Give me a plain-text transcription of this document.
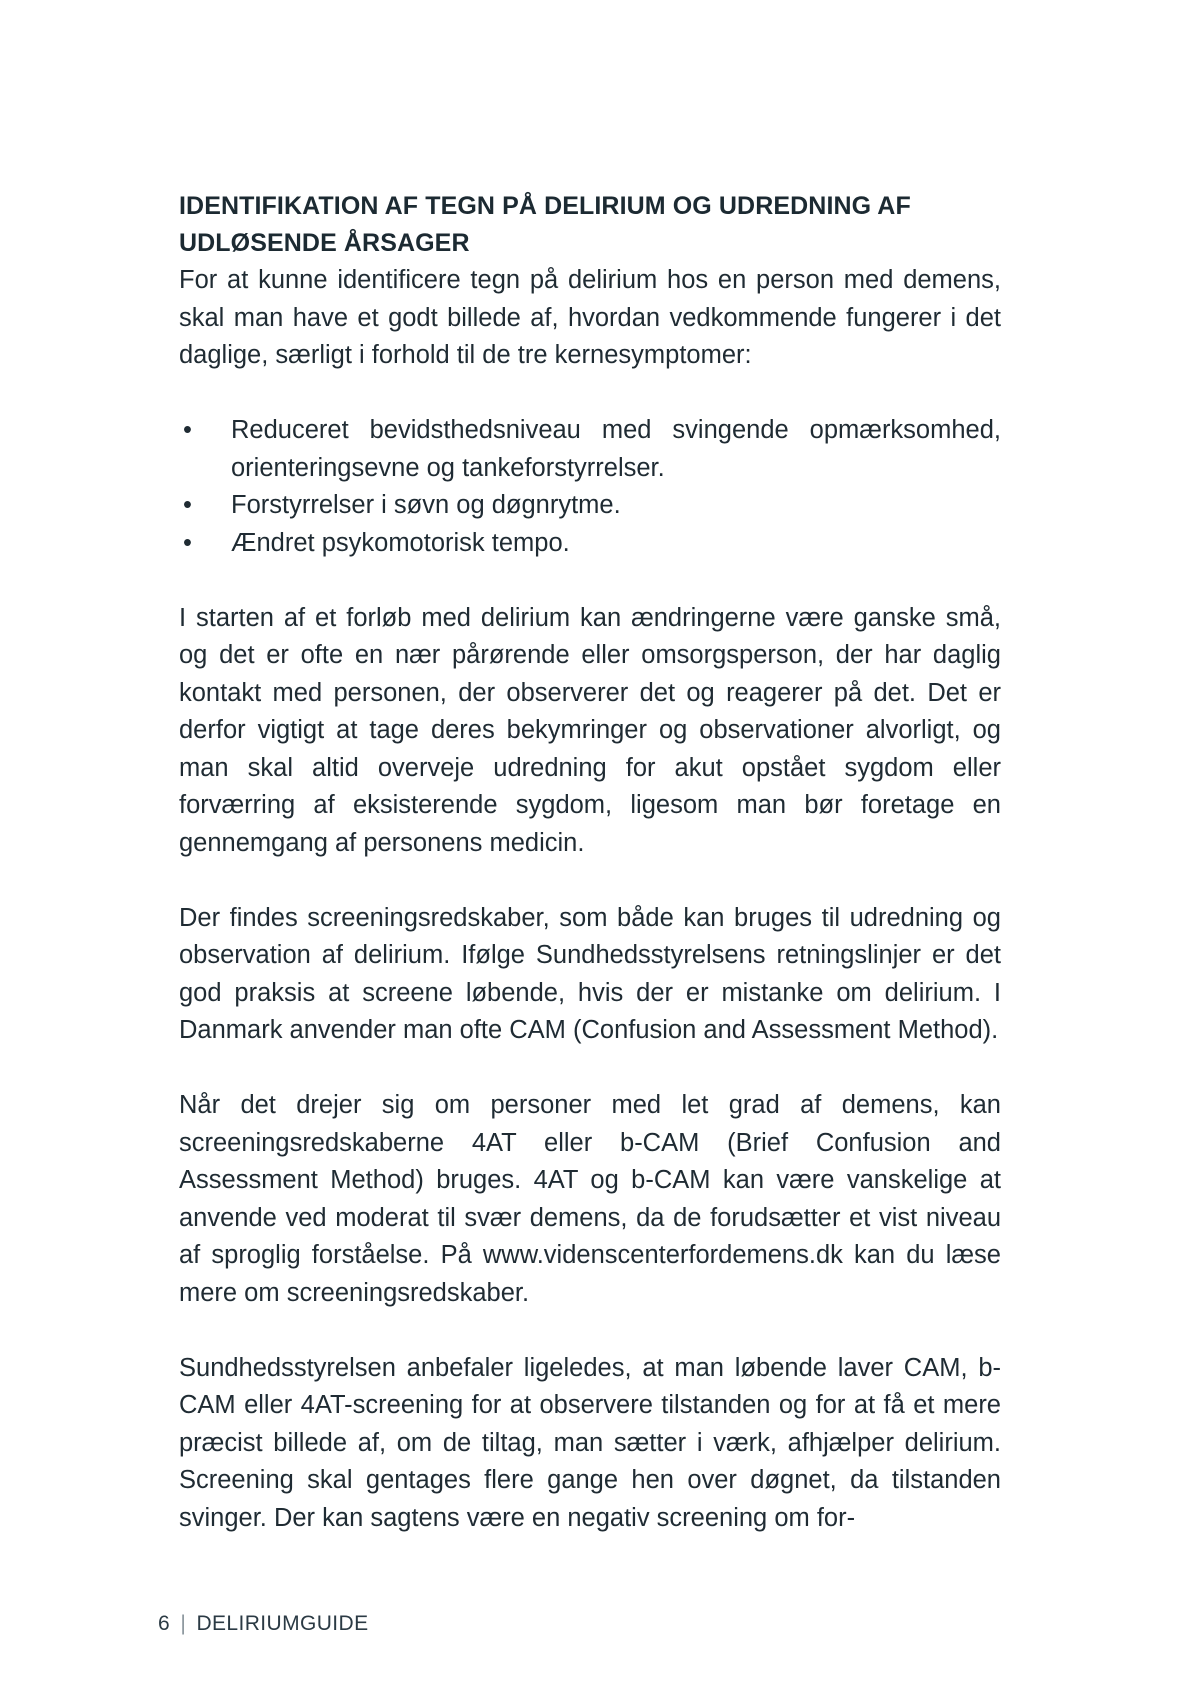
IDENTIFIKATION AF TEGN PÅ DELIRIUM OG UDREDNING AF UDLØSENDE ÅRSAGER

For at kunne identificere tegn på delirium hos en person med demens, skal man have et godt billede af, hvordan vedkommende fungerer i det daglige, særligt i forhold til de tre kernesymptomer:

• Reduceret bevidsthedsniveau med svingende opmærksomhed, orienteringsevne og tankeforstyrrelser.
• Forstyrrelser i søvn og døgnrytme.
• Ændret psykomotorisk tempo.

I starten af et forløb med delirium kan ændringerne være ganske små, og det er ofte en nær pårørende eller omsorgsperson, der har daglig kontakt med personen, der observerer det og reagerer på det. Det er derfor vigtigt at tage deres bekymringer og observationer alvorligt, og man skal altid overveje udredning for akut opstået sygdom eller forværring af eksisterende sygdom, ligesom man bør foretage en gennemgang af personens medicin.

Der findes screeningsredskaber, som både kan bruges til udredning og observation af delirium. Ifølge Sundhedsstyrelsens retningslinjer er det god praksis at screene løbende, hvis der er mistanke om delirium. I Danmark anvender man ofte CAM (Confusion and Assessment Method).

Når det drejer sig om personer med let grad af demens, kan screeningsredskaberne 4AT eller b-CAM (Brief Confusion and Assessment Method) bruges. 4AT og b-CAM kan være vanskelige at anvende ved moderat til svær demens, da de forudsætter et vist niveau af sproglig forståelse. På www.videnscenterfordemens.dk kan du læse mere om screeningsredskaber.

Sundhedsstyrelsen anbefaler ligeledes, at man løbende laver CAM, b-CAM eller 4AT-screening for at observere tilstanden og for at få et mere præcist billede af, om de tiltag, man sætter i værk, afhjælper delirium. Screening skal gentages flere gange hen over døgnet, da tilstanden svinger. Der kan sagtens være en negativ screening om for-

6 | DELIRIUMGUIDE
